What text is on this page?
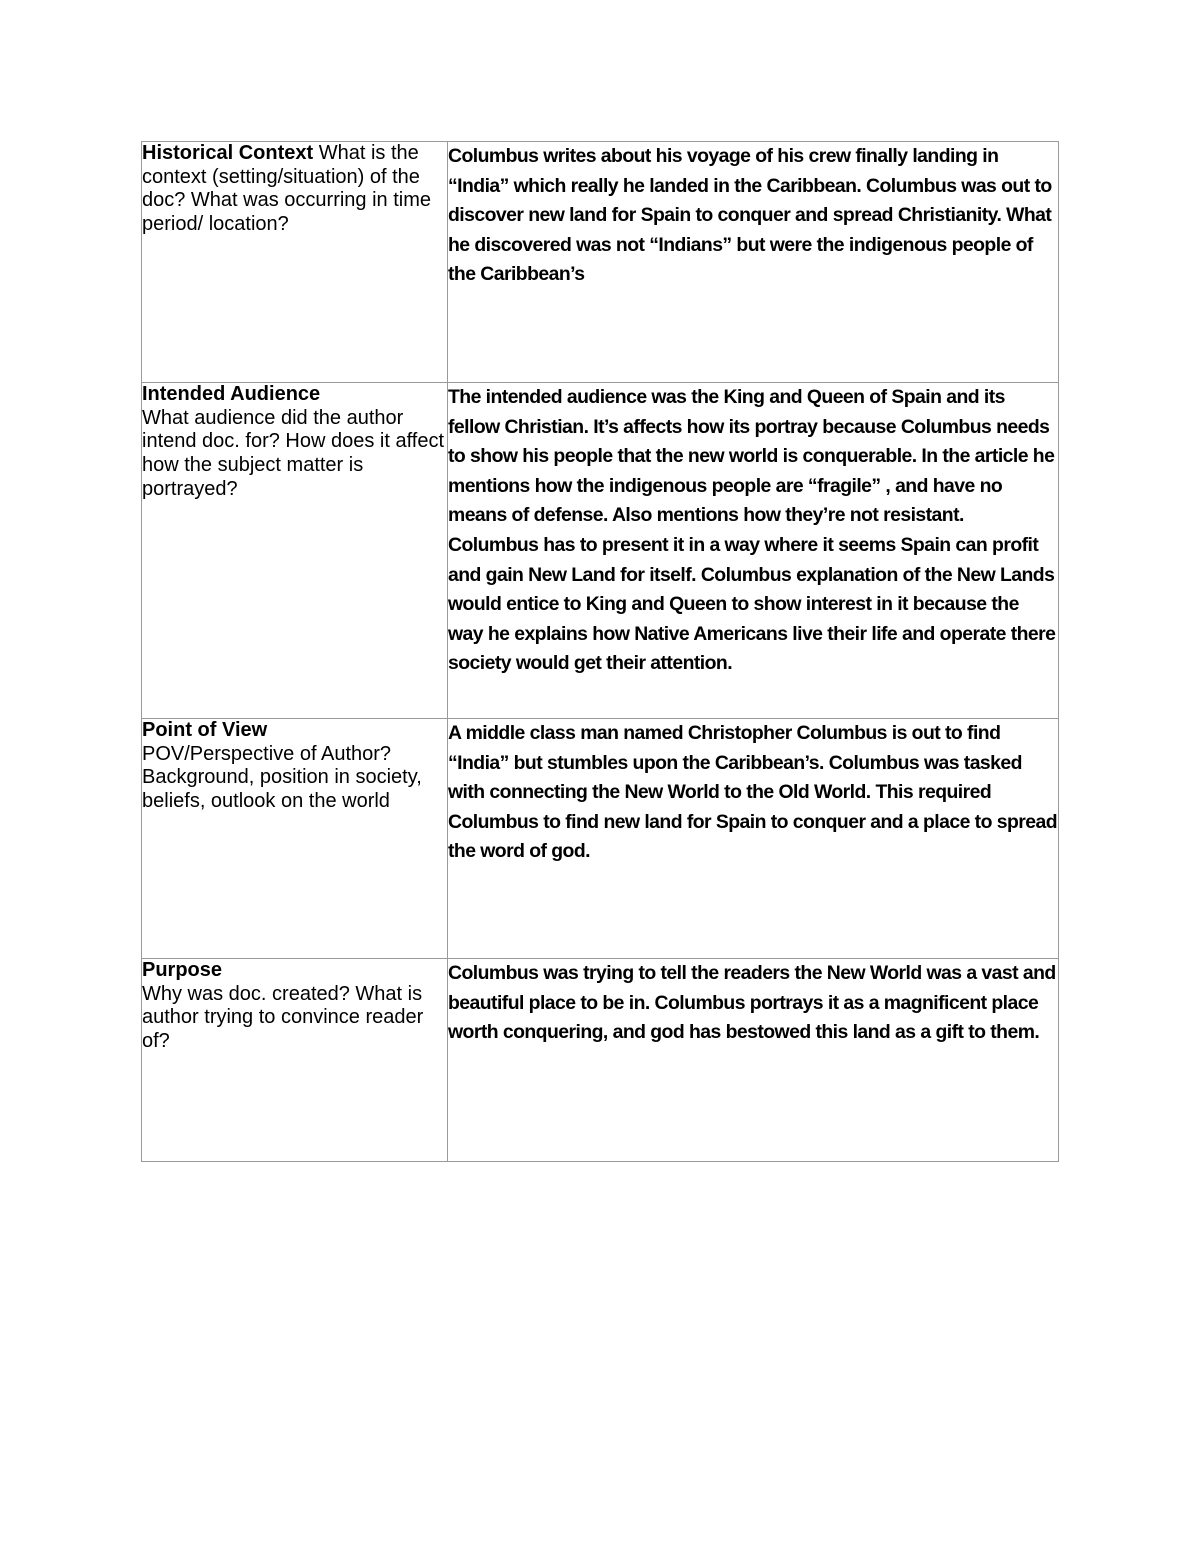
Historical Context What is the context (setting/situation) of the doc? What was occurring in time period/ location?	Columbus writes about his voyage of his crew finally landing in “India” which really he landed in the Caribbean. Columbus was out to discover new land for Spain to conquer and spread Christianity. What he discovered was not “Indians” but were the indigenous people of the Caribbean’s

Intended Audience
What audience did the author intend doc. for? How does it affect how the subject matter is portrayed?	The intended audience was the King and Queen of Spain and its fellow Christian. It’s affects how its portray because Columbus needs to show his people that the new world is conquerable. In the article he mentions how the indigenous people are “fragile” , and have no means of defense. Also mentions how they’re not resistant. Columbus has to present it in a way where it seems Spain can profit and gain New Land for itself. Columbus explanation of the New Lands would entice to King and Queen to show interest in it because the way he explains how Native Americans live their life and operate there society would get their attention.

Point of View
POV/Perspective of Author? Background, position in society, beliefs, outlook on the world	A middle class man named Christopher Columbus is out to find “India” but stumbles upon the Caribbean’s. Columbus was tasked with connecting the New World to the Old World. This required Columbus to find new land for Spain to conquer and a place to spread the word of god.

Purpose
Why was doc. created? What is author trying to convince reader of?	Columbus was trying to tell the readers the New World was a vast and beautiful place to be in. Columbus portrays it as a magnificent place worth conquering, and god has bestowed this land as a gift to them.
